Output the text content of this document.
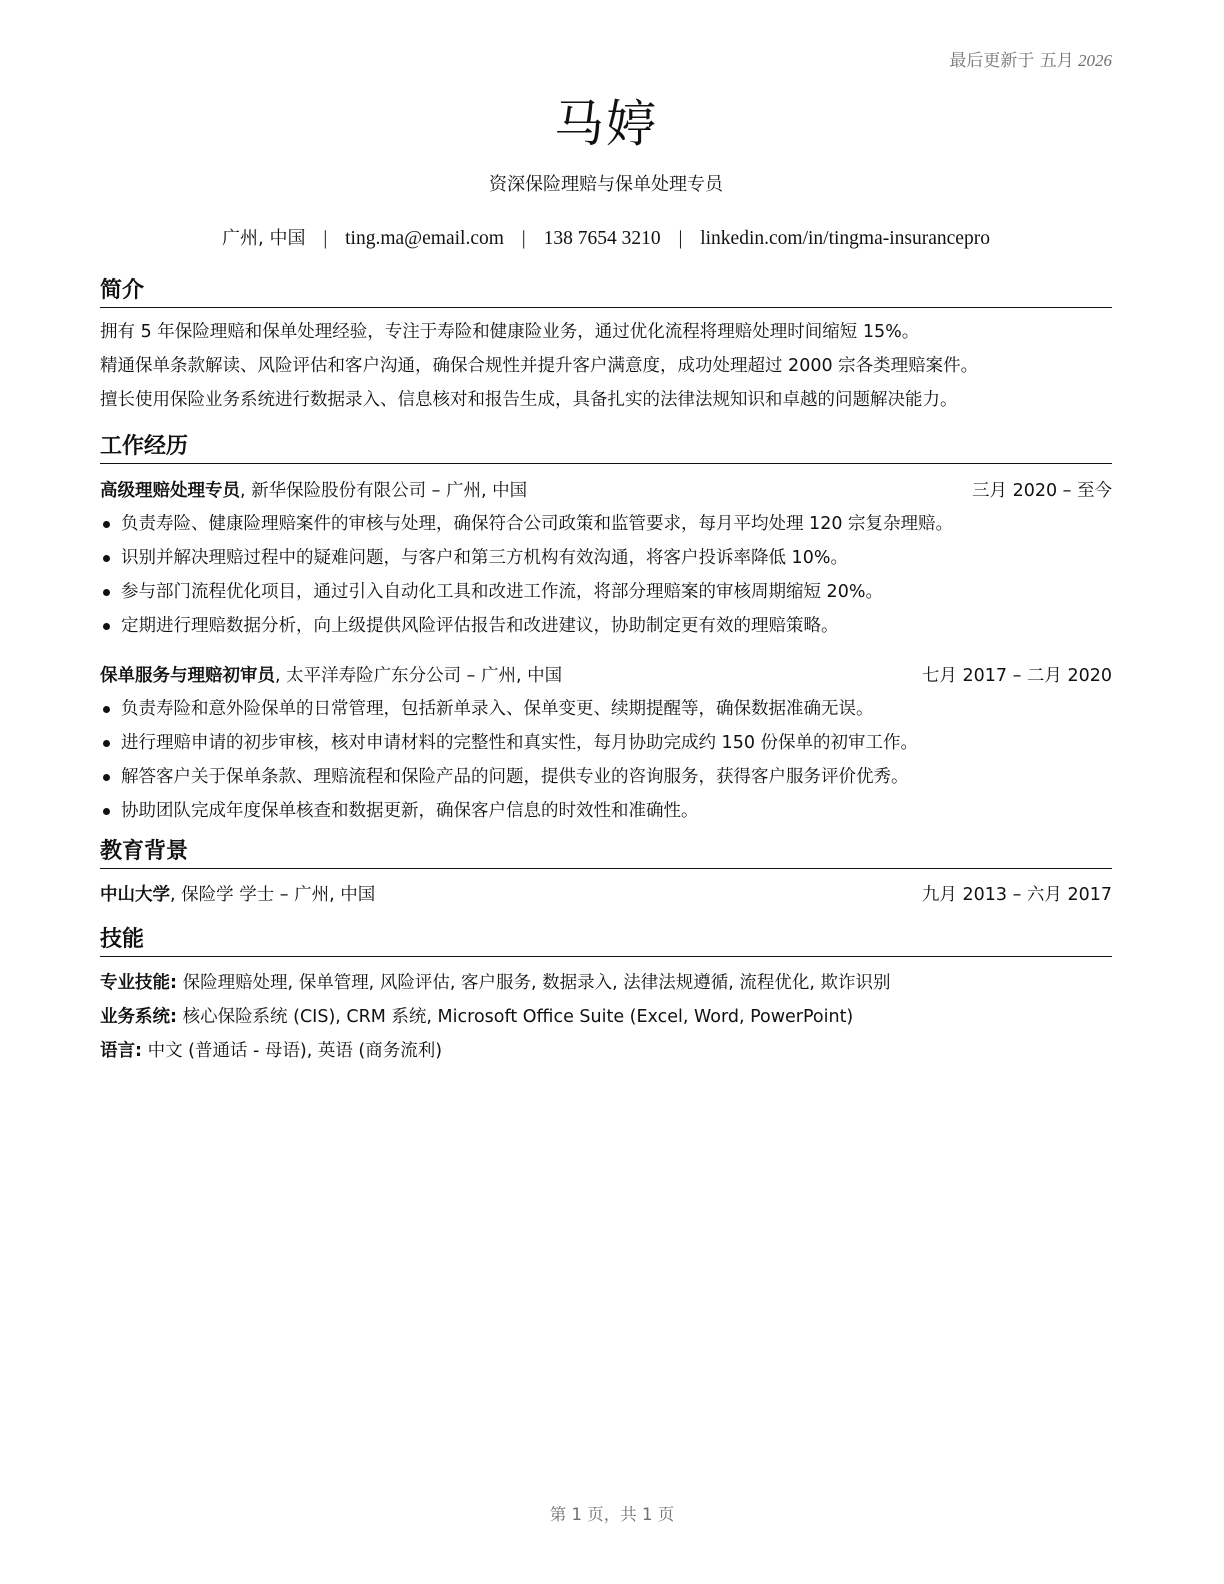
最后更新于 五月 2026
马婷
资深保险理赔与保单处理专员
广州, 中国 | ting.ma@email.com | 138 7654 3210 | linkedin.com/in/tingma-insurancepro
简介
拥有 5 年保险理赔和保单处理经验，专注于寿险和健康险业务，通过优化流程将理赔处理时间缩短 15%。
精通保单条款解读、风险评估和客户沟通，确保合规性并提升客户满意度，成功处理超过 2000 宗各类理赔案件。
擅长使用保险业务系统进行数据录入、信息核对和报告生成，具备扎实的法律法规知识和卓越的问题解决能力。
工作经历
高级理赔处理专员, 新华保险股份有限公司 – 广州, 中国	三月 2020 – 至今
负责寿险、健康险理赔案件的审核与处理，确保符合公司政策和监管要求，每月平均处理 120 宗复杂理赔。
识别并解决理赔过程中的疑难问题，与客户和第三方机构有效沟通，将客户投诉率降低 10%。
参与部门流程优化项目，通过引入自动化工具和改进工作流，将部分理赔案的审核周期缩短 20%。
定期进行理赔数据分析，向上级提供风险评估报告和改进建议，协助制定更有效的理赔策略。
保单服务与理赔初审员, 太平洋寿险广东分公司 – 广州, 中国	七月 2017 – 二月 2020
负责寿险和意外险保单的日常管理，包括新单录入、保单变更、续期提醒等，确保数据准确无误。
进行理赔申请的初步审核，核对申请材料的完整性和真实性，每月协助完成约 150 份保单的初审工作。
解答客户关于保单条款、理赔流程和保险产品的问题，提供专业的咨询服务，获得客户服务评价优秀。
协助团队完成年度保单核查和数据更新，确保客户信息的时效性和准确性。
教育背景
中山大学, 保险学 学士 – 广州, 中国	九月 2013 – 六月 2017
技能
专业技能: 保险理赔处理, 保单管理, 风险评估, 客户服务, 数据录入, 法律法规遵循, 流程优化, 欺诈识别
业务系统: 核心保险系统 (CIS), CRM 系统, Microsoft Office Suite (Excel, Word, PowerPoint)
语言: 中文 (普通话 - 母语), 英语 (商务流利)
第 1 页，共 1 页
